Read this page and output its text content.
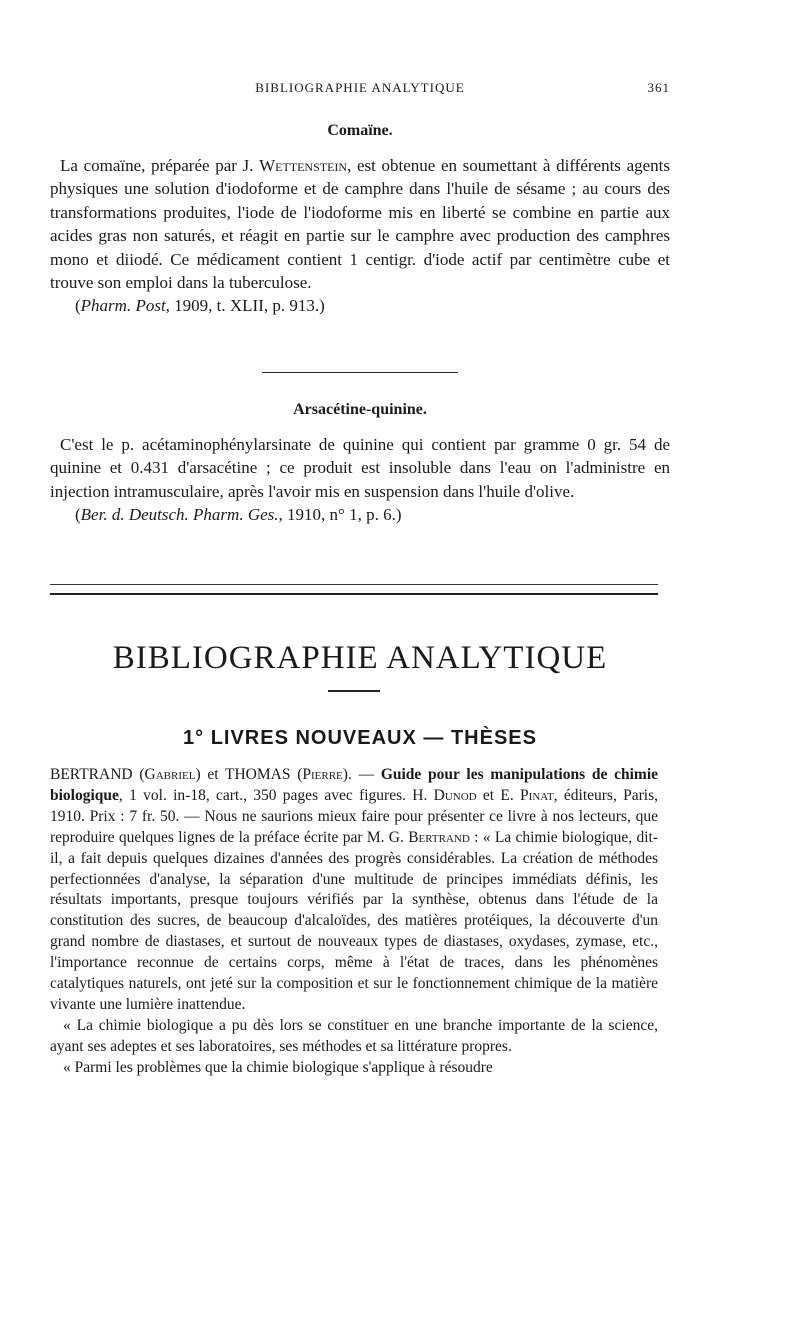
BIBLIOGRAPHIE ANALYTIQUE	361

Comaïne.

La comaïne, préparée par J. Wettenstein, est obtenue en soumettant à différents agents physiques une solution d'iodoforme et de camphre dans l'huile de sésame ; au cours des transformations produites, l'iode de l'iodoforme mis en liberté se combine en partie aux acides gras non saturés, et réagit en partie sur le camphre avec production des camphres mono et diiodé. Ce médicament contient 1 centigr. d'iode actif par centimètre cube et trouve son emploi dans la tuberculose.

(Pharm. Post, 1909, t. XLII, p. 913.)

Arsacétine-quinine.

C'est le p. acétaminophénylarsinate de quinine qui contient par gramme 0 gr. 54 de quinine et 0.431 d'arsacétine ; ce produit est insoluble dans l'eau on l'administre en injection intramusculaire, après l'avoir mis en suspension dans l'huile d'olive.

(Ber. d. Deutsch. Pharm. Ges., 1910, n° 1, p. 6.)

BIBLIOGRAPHIE ANALYTIQUE
1° LIVRES NOUVEAUX — THÈSES

BERTRAND (Gabriel) et THOMAS (Pierre). — Guide pour les manipulations de chimie biologique, 1 vol. in-18, cart., 350 pages avec figures. H. Dunod et E. Pinat, éditeurs, Paris, 1910. Prix : 7 fr. 50. — Nous ne saurions mieux faire pour présenter ce livre à nos lecteurs, que reproduire quelques lignes de la préface écrite par M. G. Bertrand : « La chimie biologique, dit-il, a fait depuis quelques dizaines d'années des progrès considérables. La création de méthodes perfectionnées d'analyse, la séparation d'une multitude de principes immédiats définis, les résultats importants, presque toujours vérifiés par la synthèse, obtenus dans l'étude de la constitution des sucres, de beaucoup d'alcaloïdes, des matières protéiques, la découverte d'un grand nombre de diastases, et surtout de nouveaux types de diastases, oxydases, zymase, etc., l'importance reconnue de certains corps, même à l'état de traces, dans les phénomènes catalytiques naturels, ont jeté sur la composition et sur le fonctionnement chimique de la matière vivante une lumière inattendue.

« La chimie biologique a pu dès lors se constituer en une branche importante de la science, ayant ses adeptes et ses laboratoires, ses méthodes et sa littérature propres.

« Parmi les problèmes que la chimie biologique s'applique à résoudre
